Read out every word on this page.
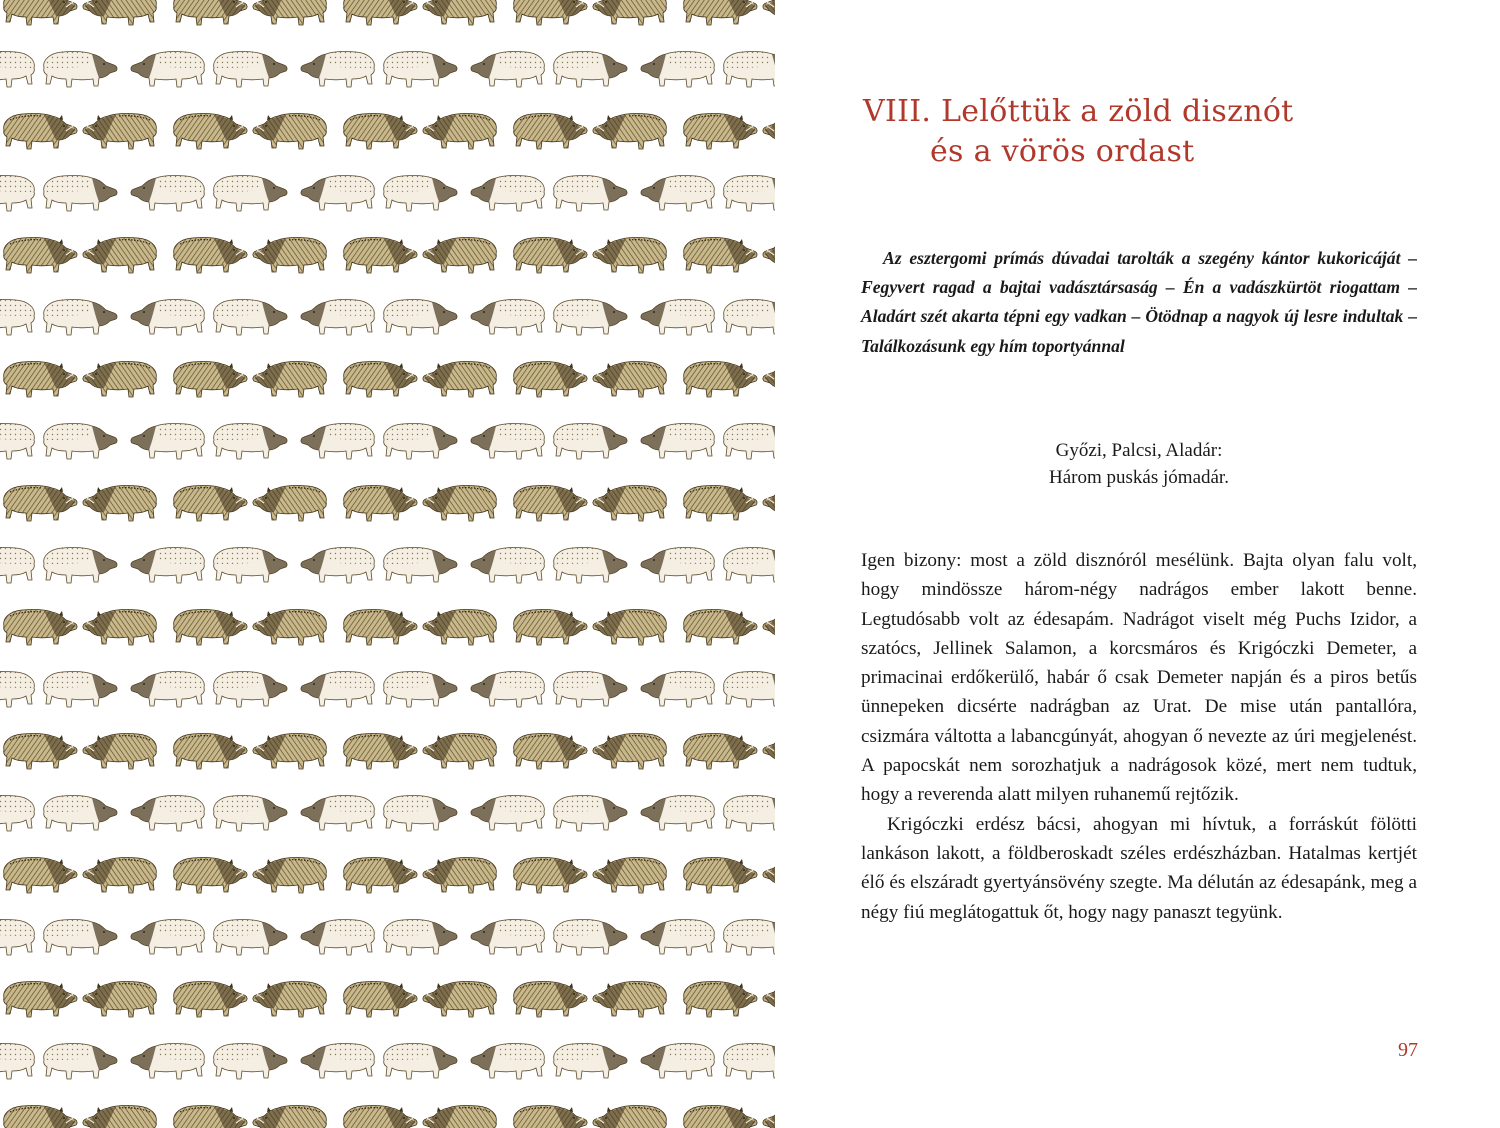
VIII. Lelőttük a zöld disznót
és a vörös ordast

Az esztergomi prímás dúvadai tarolták a szegény kántor kukoricáját – Fegyvert ragad a bajtai vadásztársaság – Én a vadászkürtöt riogattam – Aladárt szét akarta tépni egy vadkan – Ötödnap a nagyok új lesre indultak – Találkozásunk egy hím toportyánnal

Győzi, Palcsi, Aladár:
Három puskás jómadár.

Igen bizony: most a zöld disznóról mesélünk. Bajta olyan falu volt, hogy mindössze három-négy nadrágos ember lakott benne. Legtudósabb volt az édesapám. Nadrágot viselt még Puchs Izidor, a szatócs, Jellinek Salamon, a korcsmáros és Krigóczki Demeter, a primacinai erdőkerülő, habár ő csak Demeter napján és a piros betűs ünnepeken dicsérte nadrágban az Urat. De mise után pantallóra, csizmára váltotta a labancgúnyát, ahogyan ő nevezte az úri megjelenést. A papocskát nem sorozhatjuk a nadrágosok közé, mert nem tudtuk, hogy a reverenda alatt milyen ruhanemű rejtőzik.

Krigóczki erdész bácsi, ahogyan mi hívtuk, a forráskút fölötti lankáson lakott, a földberoskadt széles erdészházban. Hatalmas kertjét élő és elszáradt gyertyánsövény szegte. Ma délután az édesapánk, meg a négy fiú meglátogattuk őt, hogy nagy panaszt tegyünk.

97
